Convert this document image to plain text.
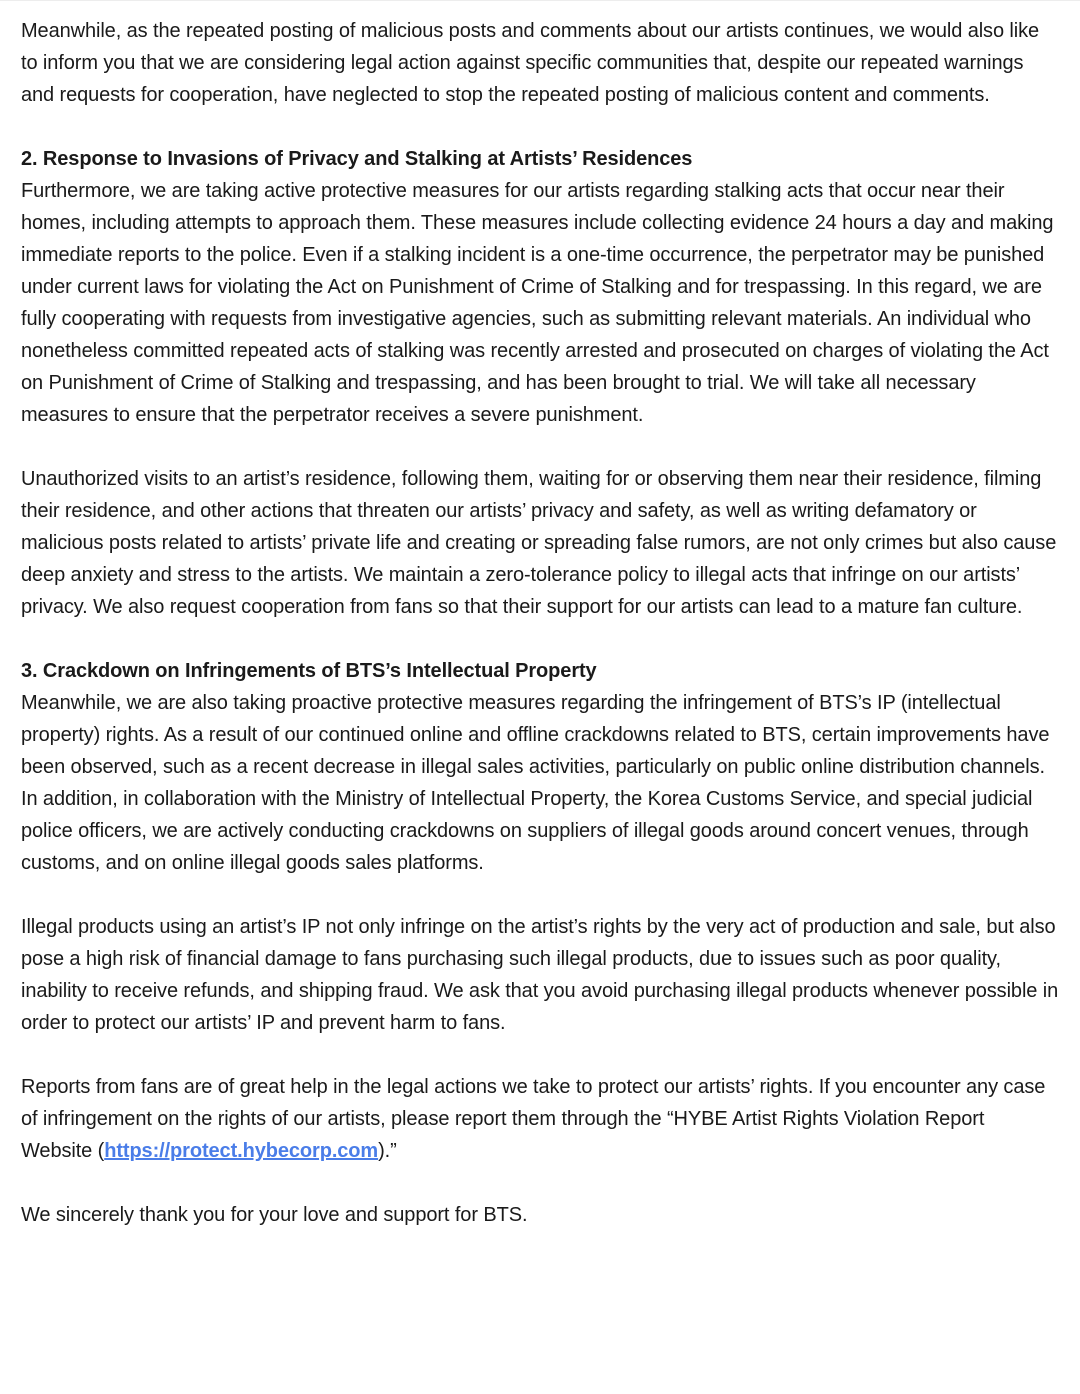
Meanwhile, as the repeated posting of malicious posts and comments about our artists continues, we would also like to inform you that we are considering legal action against specific communities that, despite our repeated warnings and requests for cooperation, have neglected to stop the repeated posting of malicious content and comments.

2. Response to Invasions of Privacy and Stalking at Artists’ Residences

Furthermore, we are taking active protective measures for our artists regarding stalking acts that occur near their homes, including attempts to approach them. These measures include collecting evidence 24 hours a day and making immediate reports to the police. Even if a stalking incident is a one-time occurrence, the perpetrator may be punished under current laws for violating the Act on Punishment of Crime of Stalking and for trespassing. In this regard, we are fully cooperating with requests from investigative agencies, such as submitting relevant materials. An individual who nonetheless committed repeated acts of stalking was recently arrested and prosecuted on charges of violating the Act on Punishment of Crime of Stalking and trespassing, and has been brought to trial. We will take all necessary measures to ensure that the perpetrator receives a severe punishment.

Unauthorized visits to an artist’s residence, following them, waiting for or observing them near their residence, filming their residence, and other actions that threaten our artists’ privacy and safety, as well as writing defamatory or malicious posts related to artists’ private life and creating or spreading false rumors, are not only crimes but also cause deep anxiety and stress to the artists. We maintain a zero-tolerance policy to illegal acts that infringe on our artists’ privacy. We also request cooperation from fans so that their support for our artists can lead to a mature fan culture.

3. Crackdown on Infringements of BTS’s Intellectual Property

Meanwhile, we are also taking proactive protective measures regarding the infringement of BTS’s IP (intellectual property) rights. As a result of our continued online and offline crackdowns related to BTS, certain improvements have been observed, such as a recent decrease in illegal sales activities, particularly on public online distribution channels. In addition, in collaboration with the Ministry of Intellectual Property, the Korea Customs Service, and special judicial police officers, we are actively conducting crackdowns on suppliers of illegal goods around concert venues, through customs, and on online illegal goods sales platforms.

Illegal products using an artist’s IP not only infringe on the artist’s rights by the very act of production and sale, but also pose a high risk of financial damage to fans purchasing such illegal products, due to issues such as poor quality, inability to receive refunds, and shipping fraud. We ask that you avoid purchasing illegal products whenever possible in order to protect our artists’ IP and prevent harm to fans.

Reports from fans are of great help in the legal actions we take to protect our artists’ rights. If you encounter any case of infringement on the rights of our artists, please report them through the “HYBE Artist Rights Violation Report Website (https://protect.hybecorp.com).”

We sincerely thank you for your love and support for BTS.
